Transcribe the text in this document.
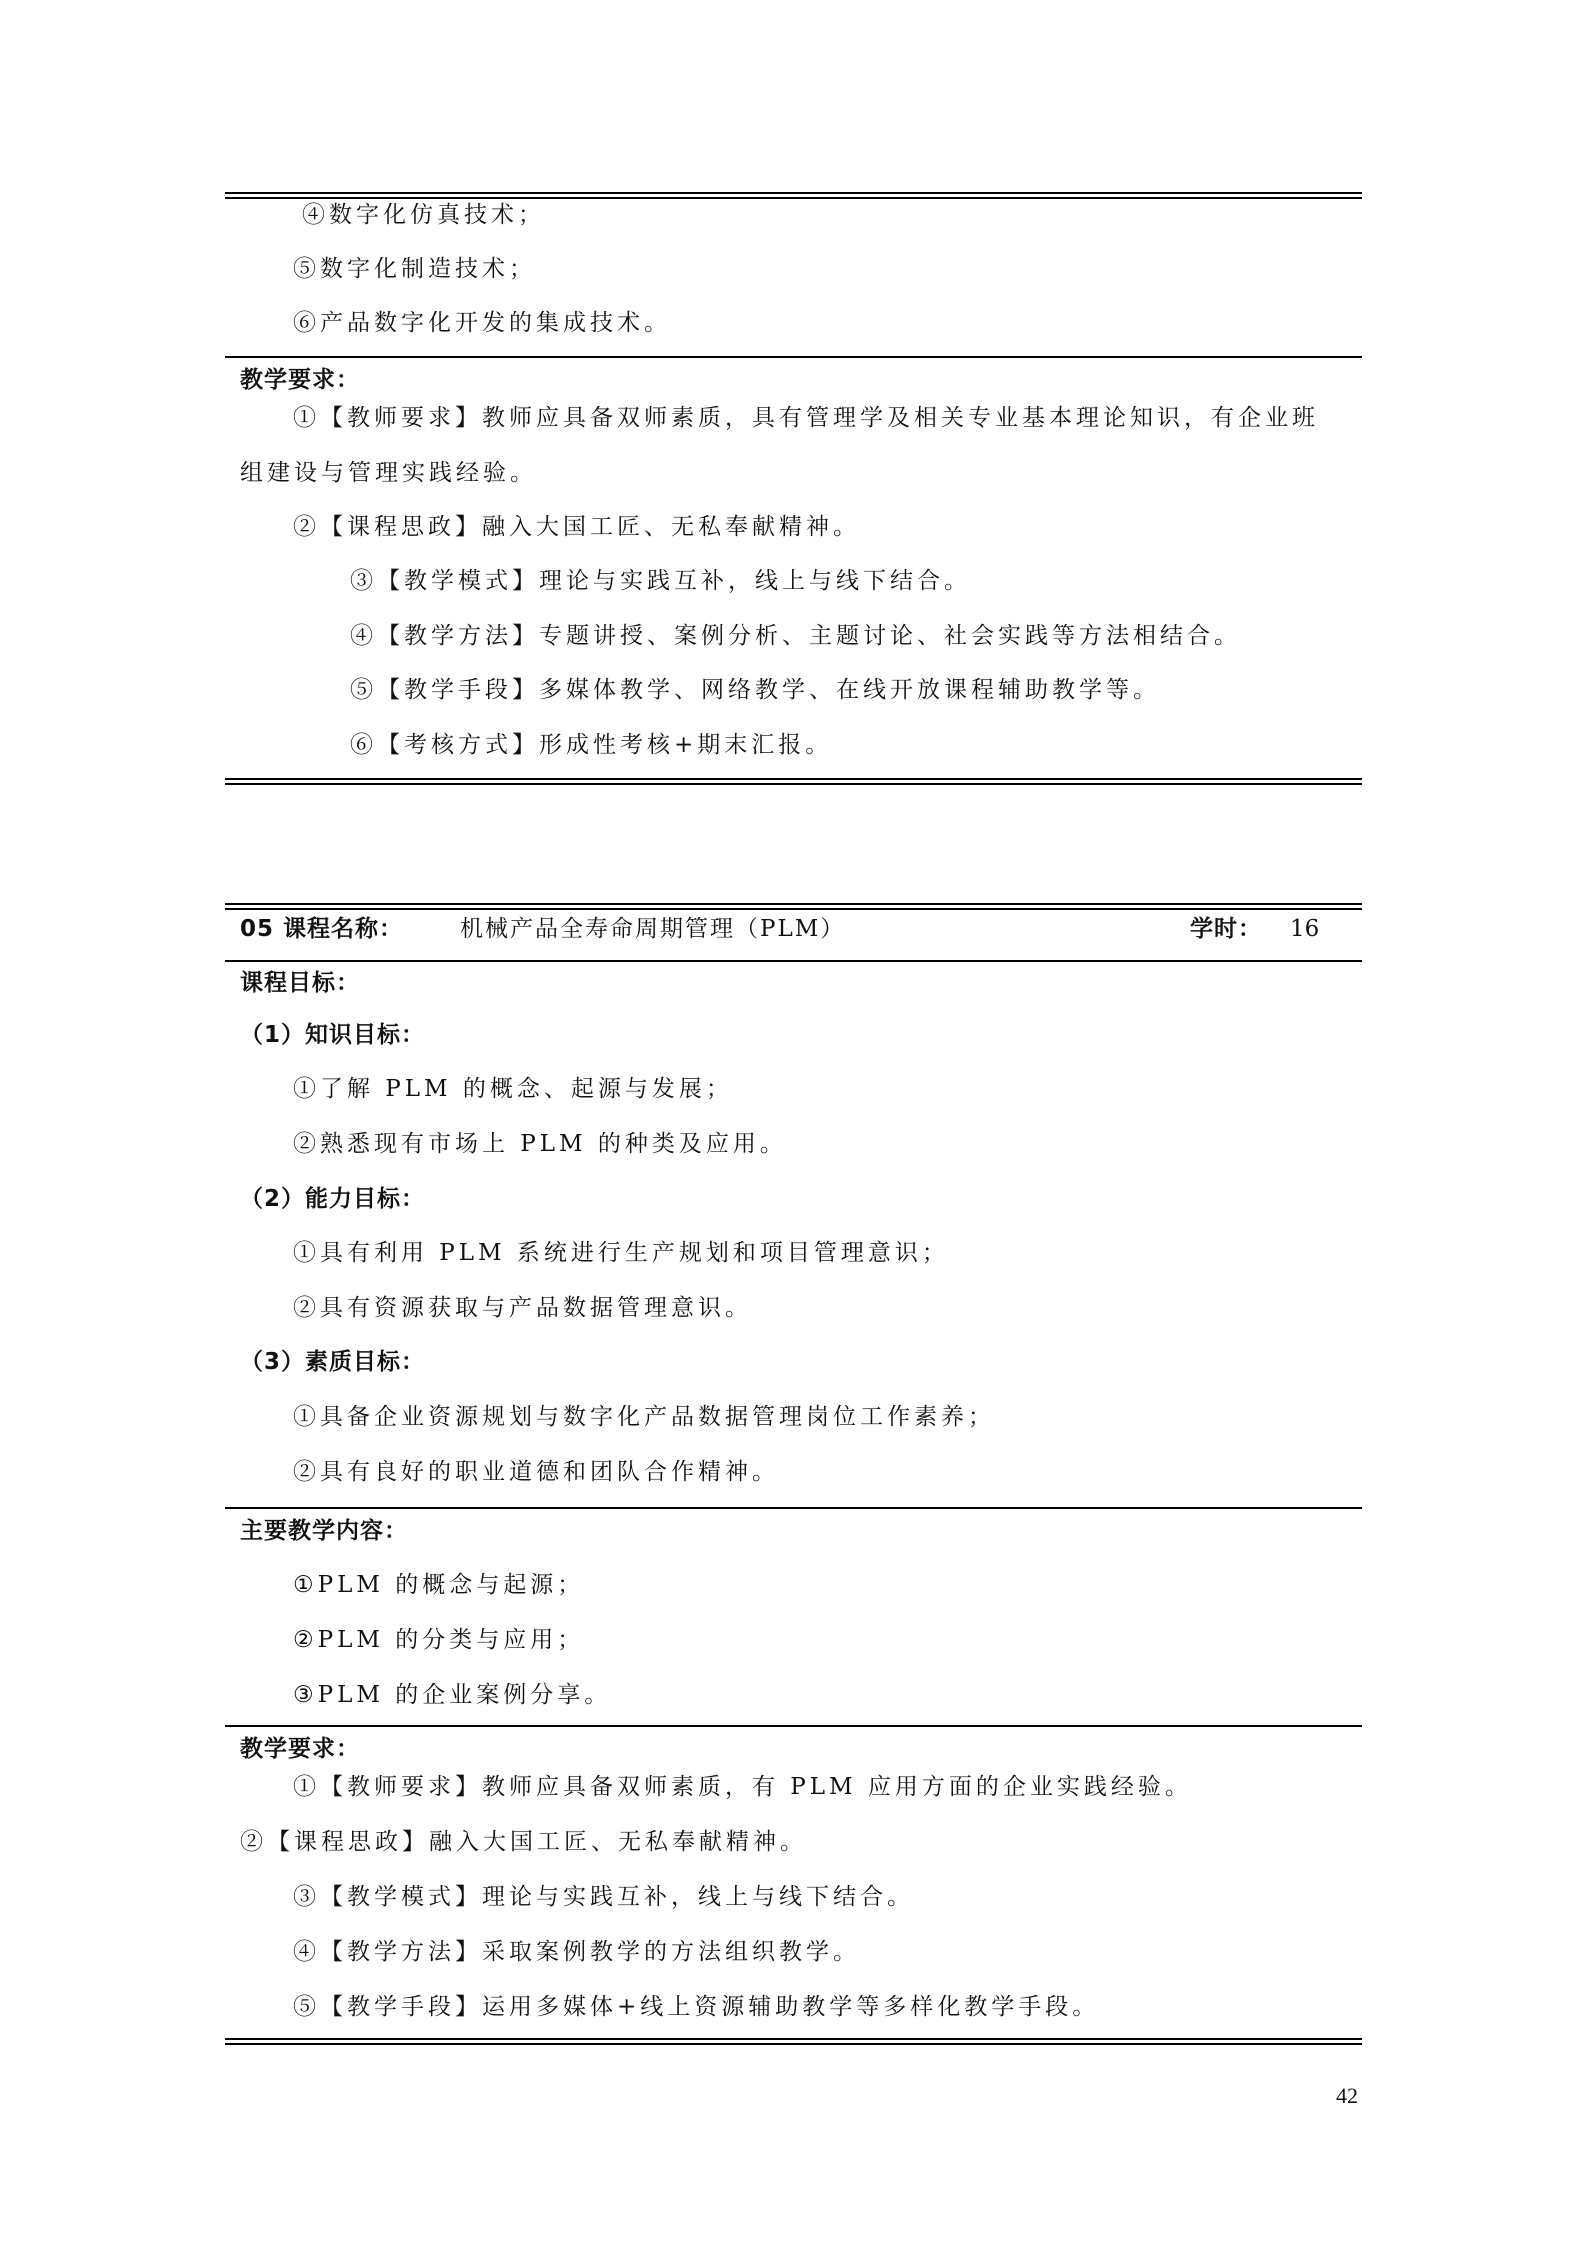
④数字化仿真技术；
⑤数字化制造技术；
⑥产品数字化开发的集成技术。
教学要求：
①【教师要求】教师应具备双师素质，具有管理学及相关专业基本理论知识，有企业班
组建设与管理实践经验。
②【课程思政】融入大国工匠、无私奉献精神。
③【教学模式】理论与实践互补，线上与线下结合。
④【教学方法】专题讲授、案例分析、主题讨论、社会实践等方法相结合。
⑤【教学手段】多媒体教学、网络教学、在线开放课程辅助教学等。
⑥【考核方式】形成性考核+期末汇报。
05 课程名称： 机械产品全寿命周期管理（PLM）	学时： 16
课程目标：
（1）知识目标：
①了解 PLM 的概念、起源与发展；
②熟悉现有市场上 PLM 的种类及应用。
（2）能力目标：
①具有利用 PLM 系统进行生产规划和项目管理意识；
②具有资源获取与产品数据管理意识。
（3）素质目标：
①具备企业资源规划与数字化产品数据管理岗位工作素养；
②具有良好的职业道德和团队合作精神。
主要教学内容：
①PLM 的概念与起源；
②PLM 的分类与应用；
③PLM 的企业案例分享。
教学要求：
①【教师要求】教师应具备双师素质，有 PLM 应用方面的企业实践经验。
②【课程思政】融入大国工匠、无私奉献精神。
③【教学模式】理论与实践互补，线上与线下结合。
④【教学方法】采取案例教学的方法组织教学。
⑤【教学手段】运用多媒体+线上资源辅助教学等多样化教学手段。
42
